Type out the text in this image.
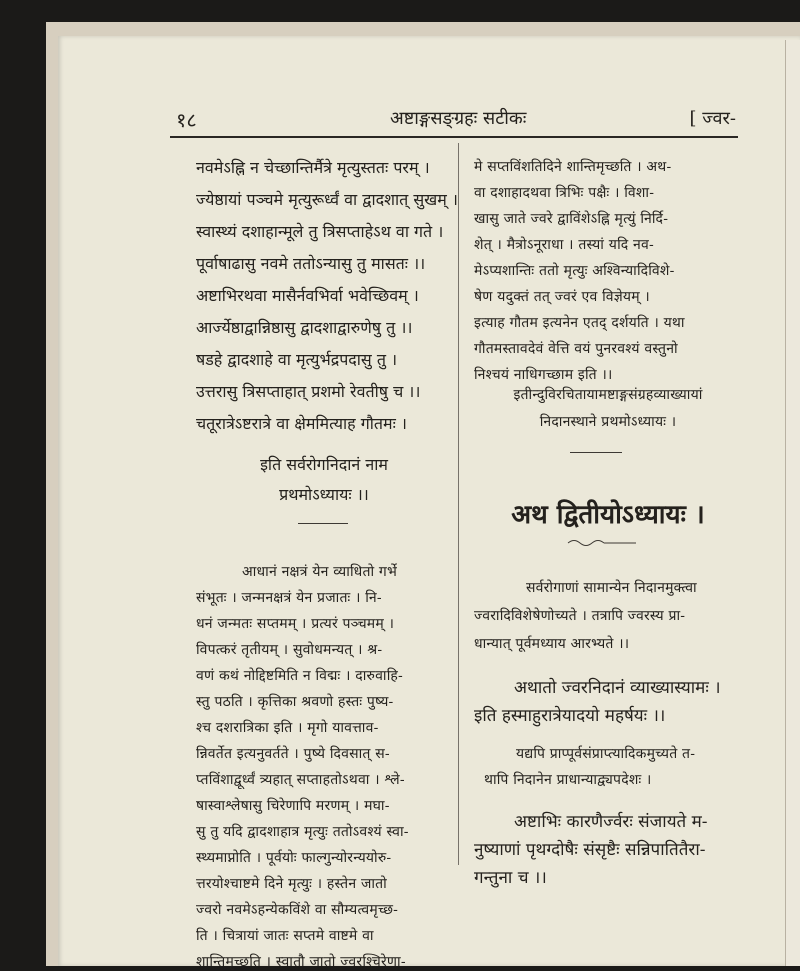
१८	अष्टाङ्गसङ्ग्रहः सटीकः	[ ज्वर-
नवमेऽह्नि न चेच्छान्तिर्मैत्रे मृत्युस्ततः परम् ।
ज्येष्ठायां पञ्चमे मृत्युरूर्ध्वं वा द्वादशात् सुखम् ।
स्वास्थ्यं दशाहान्मूले तु त्रिसप्ताहेऽथ वा गते ।
पूर्वाषाढासु नवमे ततोऽन्यासु तु मासतः ।।
अष्टाभिरथवा मासैर्नवभिर्वा भवेच्छिवम् ।
आर्ज्येष्ठाद्वान्निष्ठासु द्वादशाद्वारुणेषु तु ।।
षडहे द्वादशाहे वा मृत्युर्भद्रपदासु तु ।
उत्तरासु त्रिसप्ताहात् प्रशमो रेवतीषु च ।।
चतूरात्रेऽष्टरात्रे वा क्षेममित्याह गौतमः ।
इति सर्वरोगनिदानं नाम
प्रथमोऽध्यायः ।।
आधानं नक्षत्रं येन व्याधितो गर्भे
संभूतः । जन्मनक्षत्रं येन प्रजातः । नि-
धनं जन्मतः सप्तमम् । प्रत्यरं पञ्चमम् ।
विपत्करं तृतीयम् । सुवोधमन्यत् । श्र-
वणं कथं नोद्दिष्टमिति न विद्मः । दारुवाहि-
स्तु पठति । कृत्तिका श्रवणो हस्तः पुष्य-
श्च दशरात्रिका इति । मृगो यावत्ताव-
न्निवर्तेत इत्यनुवर्तते । पुष्ये दिवसात् स-
प्तविंशाद्वूर्ध्वं त्र्यहात् सप्ताहतोऽथवा । श्ले-
षास्वाश्लेषासु चिरेणापि मरणम् । मघा-
सु तु यदि द्वादशाहात्र मृत्युः ततोऽवश्यं स्वा-
स्थ्यमाप्नोति । पूर्वयोः फाल्गुन्योरन्ययोरु-
त्तरयोश्चाष्टमे दिने मृत्युः । हस्तेन जातो
ज्वरो नवमेऽहन्येकविंशे वा सौम्यत्वमृच्छ-
ति । चित्रायां जातः सप्तमे वाष्टमे वा
शान्तिमृच्छति । स्वातौ जातो ज्वरश्चिरेणा-
मे सप्तविंशतिदिने शान्तिमृच्छति । अथ-
वा दशाहादथवा त्रिभिः पक्षैः । विशा-
खासु जाते ज्वरे द्वाविंशेऽह्नि मृत्युं निर्दि-
शेत् । मैत्रोऽनूराधा । तस्यां यदि नव-
मेऽप्यशान्तिः ततो मृत्युः अश्विन्यादिविशे-
षेण यदुक्तं तत् ज्वरं एव विज्ञेयम् ।
इत्याह गौतम इत्यनेन एतद् दर्शयति । यथा
गौतमस्तावदेवं वेत्ति वयं पुनरवश्यं वस्तुनो
निश्चयं नाधिगच्छाम इति ।।
इतीन्दुविरचितायामष्टाङ्गसंग्रहव्याख्यायां
निदानस्थाने प्रथमोऽध्यायः ।
अथ द्वितीयोऽध्यायः ।
सर्वरोगाणां सामान्येन निदानमुक्त्वा
ज्वरादिविशेषेणोच्यते । तत्रापि ज्वरस्य प्रा-
धान्यात् पूर्वमध्याय आरभ्यते ।।
अथातो ज्वरनिदानं व्याख्यास्यामः ।
इति हस्माहुरात्रेयादयो महर्षयः ।।
यद्यपि प्राप्पूर्वसंप्राप्त्यादिकमुच्यते त-
थापि निदानेन प्राधान्याद्व्यपदेशः ।
अष्टाभिः कारणैर्ज्वरः संजायते म-
नुष्याणां पृथग्दोषैः संसृष्टैः सन्निपातितैरा-
गन्तुना च ।।
